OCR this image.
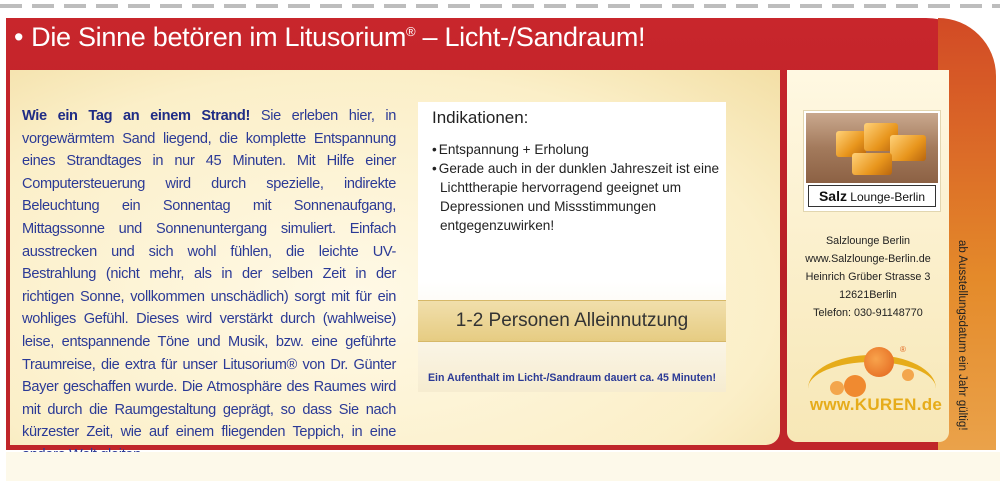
• Die Sinne betören im Litusorium® – Licht-/Sandraum!
Wie ein Tag an einem Strand! Sie erleben hier, in vorgewärmtem Sand liegend, die komplette Entspannung eines Strandtages in nur 45 Minuten. Mit Hilfe einer Computersteuerung wird durch spezielle, indirekte Beleuchtung ein Sonnentag mit Sonnenaufgang, Mittagssonne und Sonnenuntergang simuliert. Einfach ausstrecken und sich wohl fühlen, die leichte UV-Bestrahlung (nicht mehr, als in der selben Zeit in der richtigen Sonne, vollkommen unschädlich) sorgt mit für ein wohliges Gefühl. Dieses wird verstärkt durch (wahlweise) leise, entspannende Töne und Musik, bzw. eine geführte Traumreise, die extra für unser Litusorium® von Dr. Günter Bayer geschaffen wurde. Die Atmosphäre des Raumes wird mit durch die Raumgestaltung geprägt, so dass Sie nach kürzester Zeit, wie auf einem fliegenden Teppich, in eine
Indikationen:
• Entspannung + Erholung
• Gerade auch in der dunklen Jahreszeit ist eine Lichttherapie hervorragend geeignet um Depressionen und Missstimmungen entgegenzuwirken!
1-2 Personen Alleinnutzung
Ein Aufenthalt im Licht-/Sandraum dauert ca. 45 Minuten!
Salz Lounge-Berlin
Salzlounge Berlin
www.Salzlounge-Berlin.de
Heinrich Grüber Strasse 3
12621Berlin
Telefon: 030-91148770
®
www.KUREN.de	ab Ausstellungsdatum ein Jahr gültig!
